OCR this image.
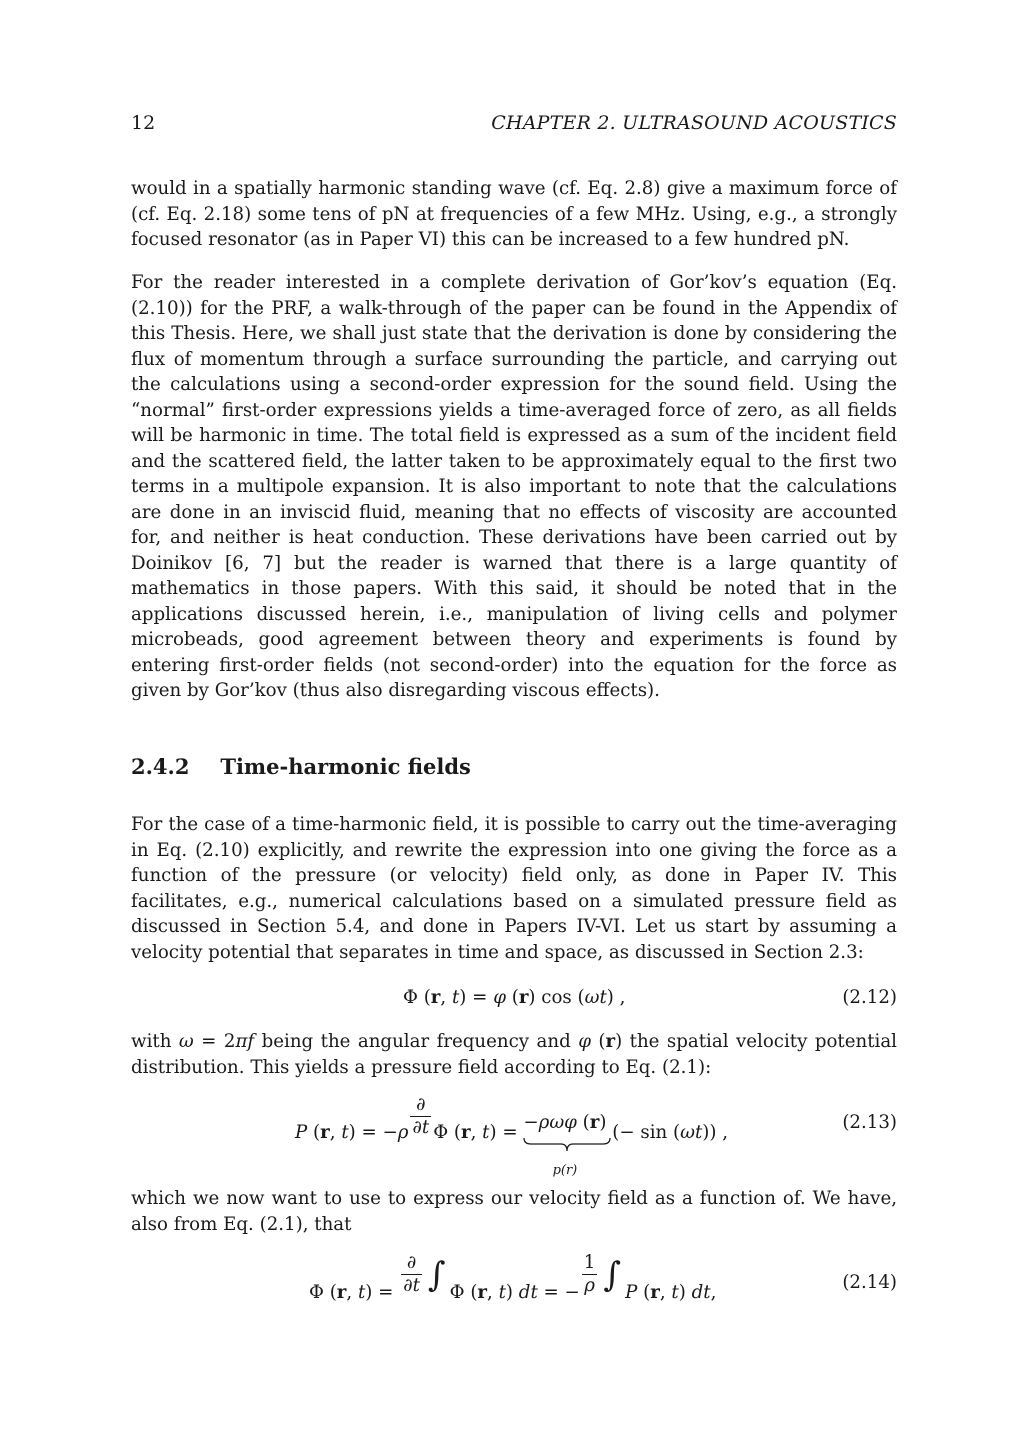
12	CHAPTER 2. ULTRASOUND ACOUSTICS

would in a spatially harmonic standing wave (cf. Eq. 2.8) give a maximum force of (cf. Eq. 2.18) some tens of pN at frequencies of a few MHz. Using, e.g., a strongly focused resonator (as in Paper VI) this can be increased to a few hundred pN.

For the reader interested in a complete derivation of Gor’kov’s equation (Eq. (2.10)) for the PRF, a walk-through of the paper can be found in the Appendix of this Thesis. Here, we shall just state that the derivation is done by considering the flux of momentum through a surface surrounding the particle, and carrying out the calculations using a second-order expression for the sound field. Using the “normal” first-order expressions yields a time-averaged force of zero, as all fields will be harmonic in time. The total field is expressed as a sum of the incident field and the scattered field, the latter taken to be approximately equal to the first two terms in a multipole expansion. It is also important to note that the calculations are done in an inviscid fluid, meaning that no effects of viscosity are accounted for, and neither is heat conduction. These derivations have been carried out by Doinikov [6, 7] but the reader is warned that there is a large quantity of mathematics in those papers. With this said, it should be noted that in the applications discussed herein, i.e., manipulation of living cells and polymer microbeads, good agreement between theory and experiments is found by entering first-order fields (not second-order) into the equation for the force as given by Gor’kov (thus also disregarding viscous effects).

2.4.2 Time-harmonic fields

For the case of a time-harmonic field, it is possible to carry out the time-averaging in Eq. (2.10) explicitly, and rewrite the expression into one giving the force as a function of the pressure (or velocity) field only, as done in Paper IV. This facilitates, e.g., numerical calculations based on a simulated pressure field as discussed in Section 5.4, and done in Papers IV-VI. Let us start by assuming a velocity potential that separates in time and space, as discussed in Section 2.3:

Φ (r, t) = φ (r) cos (ωt) ,	(2.12)

with ω = 2πf being the angular frequency and φ (r) the spatial velocity potential distribution. This yields a pressure field according to Eq. (2.1):

P (r, $t) = -\rho \frac{\partial}{\partial t}$ Φ (r, t) = −ρωφ (r)
p(r)
(− sin (ωt)) ,	(2.13)

which we now want to use to express our velocity field as a function of. We have, also from Eq. (2.1), that

Φ (r, $t) = \frac{\partial}{\partial t}$ ∫ Φ (r, t) dt = − $\frac{1}{\rho}$ ∫ P (r, t) dt,	(2.14)
